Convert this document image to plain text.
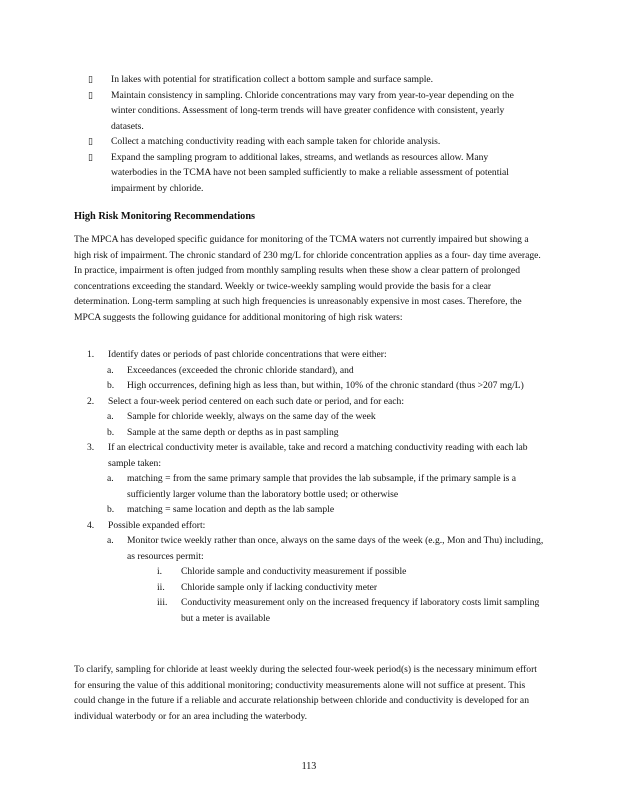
▯ In lakes with potential for stratification collect a bottom sample and surface sample.

▯ Maintain consistency in sampling. Chloride concentrations may vary from year-to-year depending on the winter conditions. Assessment of long-term trends will have greater confidence with consistent, yearly datasets.

▯ Collect a matching conductivity reading with each sample taken for chloride analysis.

▯ Expand the sampling program to additional lakes, streams, and wetlands as resources allow. Many waterbodies in the TCMA have not been sampled sufficiently to make a reliable assessment of potential impairment by chloride.

High Risk Monitoring Recommendations

The MPCA has developed specific guidance for monitoring of the TCMA waters not currently impaired but showing a high risk of impairment. The chronic standard of 230 mg/L for chloride concentration applies as a four- day time average. In practice, impairment is often judged from monthly sampling results when these show a clear pattern of prolonged concentrations exceeding the standard. Weekly or twice-weekly sampling would provide the basis for a clear determination. Long-term sampling at such high frequencies is unreasonably expensive in most cases. Therefore, the MPCA suggests the following guidance for additional monitoring of high risk waters:

1. Identify dates or periods of past chloride concentrations that were either:
a. Exceedances (exceeded the chronic chloride standard), and
b. High occurrences, defining high as less than, but within, 10% of the chronic standard (thus >207 mg/L)
2. Select a four-week period centered on each such date or period, and for each:
a. Sample for chloride weekly, always on the same day of the week
b. Sample at the same depth or depths as in past sampling
3. If an electrical conductivity meter is available, take and record a matching conductivity reading with each lab sample taken:
a. matching = from the same primary sample that provides the lab subsample, if the primary sample is a sufficiently larger volume than the laboratory bottle used; or otherwise
b. matching = same location and depth as the lab sample
4. Possible expanded effort:
a. Monitor twice weekly rather than once, always on the same days of the week (e.g., Mon and Thu) including, as resources permit:
i. Chloride sample and conductivity measurement if possible
ii. Chloride sample only if lacking conductivity meter
iii. Conductivity measurement only on the increased frequency if laboratory costs limit sampling but a meter is available

To clarify, sampling for chloride at least weekly during the selected four-week period(s) is the necessary minimum effort for ensuring the value of this additional monitoring; conductivity measurements alone will not suffice at present. This could change in the future if a reliable and accurate relationship between chloride and conductivity is developed for an individual waterbody or for an area including the waterbody.

113
